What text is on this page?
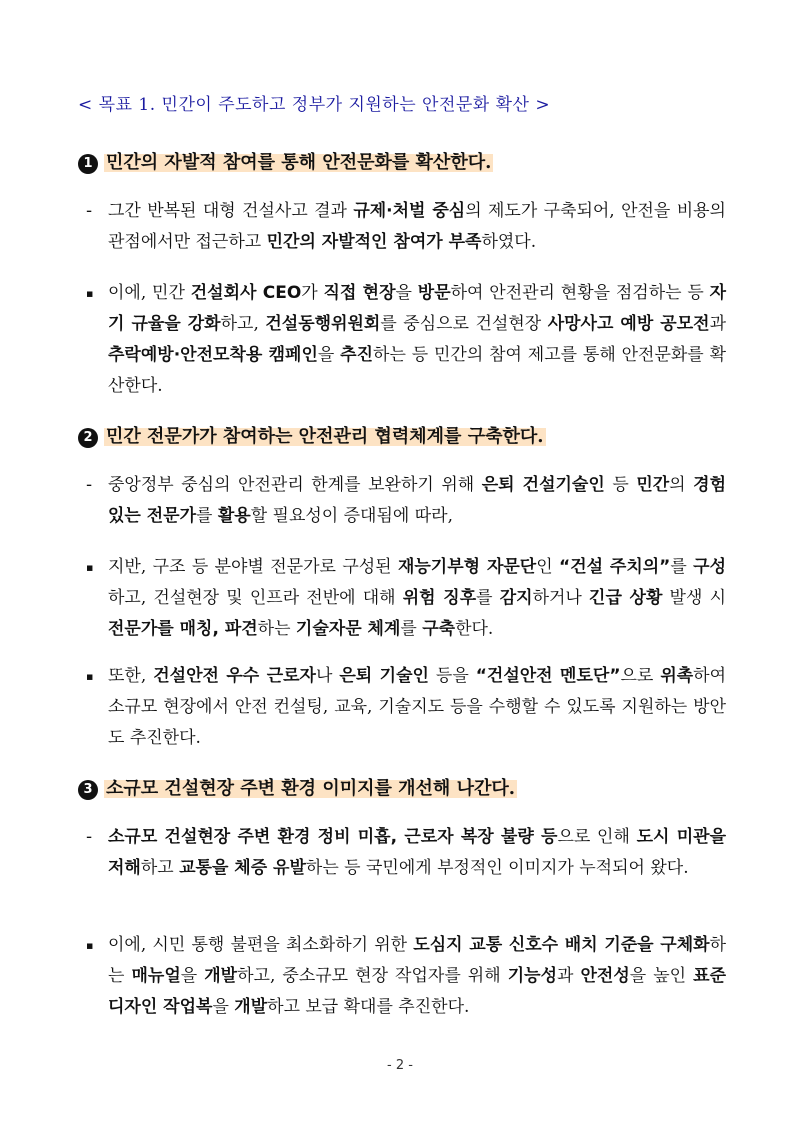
< 목표 1. 민간이 주도하고 정부가 지원하는 안전문화 확산 >
1 민간의 자발적 참여를 통해 안전문화를 확산한다.
- 그간 반복된 대형 건설사고 결과 규제·처벌 중심의 제도가 구축되어, 안전을 비용의 관점에서만 접근하고 민간의 자발적인 참여가 부족하였다.
▪ 이에, 민간 건설회사 CEO가 직접 현장을 방문하여 안전관리 현황을 점검하는 등 자기 규율을 강화하고, 건설동행위원회를 중심으로 건설현장 사망사고 예방 공모전과 추락예방·안전모착용 캠페인을 추진하는 등 민간의 참여 제고를 통해 안전문화를 확산한다.
2 민간 전문가가 참여하는 안전관리 협력체계를 구축한다.
- 중앙정부 중심의 안전관리 한계를 보완하기 위해 은퇴 건설기술인 등 민간의 경험 있는 전문가를 활용할 필요성이 증대됨에 따라,
▪ 지반, 구조 등 분야별 전문가로 구성된 재능기부형 자문단인 “건설 주치의”를 구성하고, 건설현장 및 인프라 전반에 대해 위험 징후를 감지하거나 긴급 상황 발생 시 전문가를 매칭, 파견하는 기술자문 체계를 구축한다.
▪ 또한, 건설안전 우수 근로자나 은퇴 기술인 등을 “건설안전 멘토단”으로 위촉하여 소규모 현장에서 안전 컨설팅, 교육, 기술지도 등을 수행할 수 있도록 지원하는 방안도 추진한다.
3 소규모 건설현장 주변 환경 이미지를 개선해 나간다.
- 소규모 건설현장 주변 환경 정비 미흡, 근로자 복장 불량 등으로 인해 도시 미관을 저해하고 교통을 체증 유발하는 등 국민에게 부정적인 이미지가 누적되어 왔다.
▪ 이에, 시민 통행 불편을 최소화하기 위한 도심지 교통 신호수 배치 기준을 구체화하는 매뉴얼을 개발하고, 중소규모 현장 작업자를 위해 기능성과 안전성을 높인 표준 디자인 작업복을 개발하고 보급 확대를 추진한다.
- 2 -
